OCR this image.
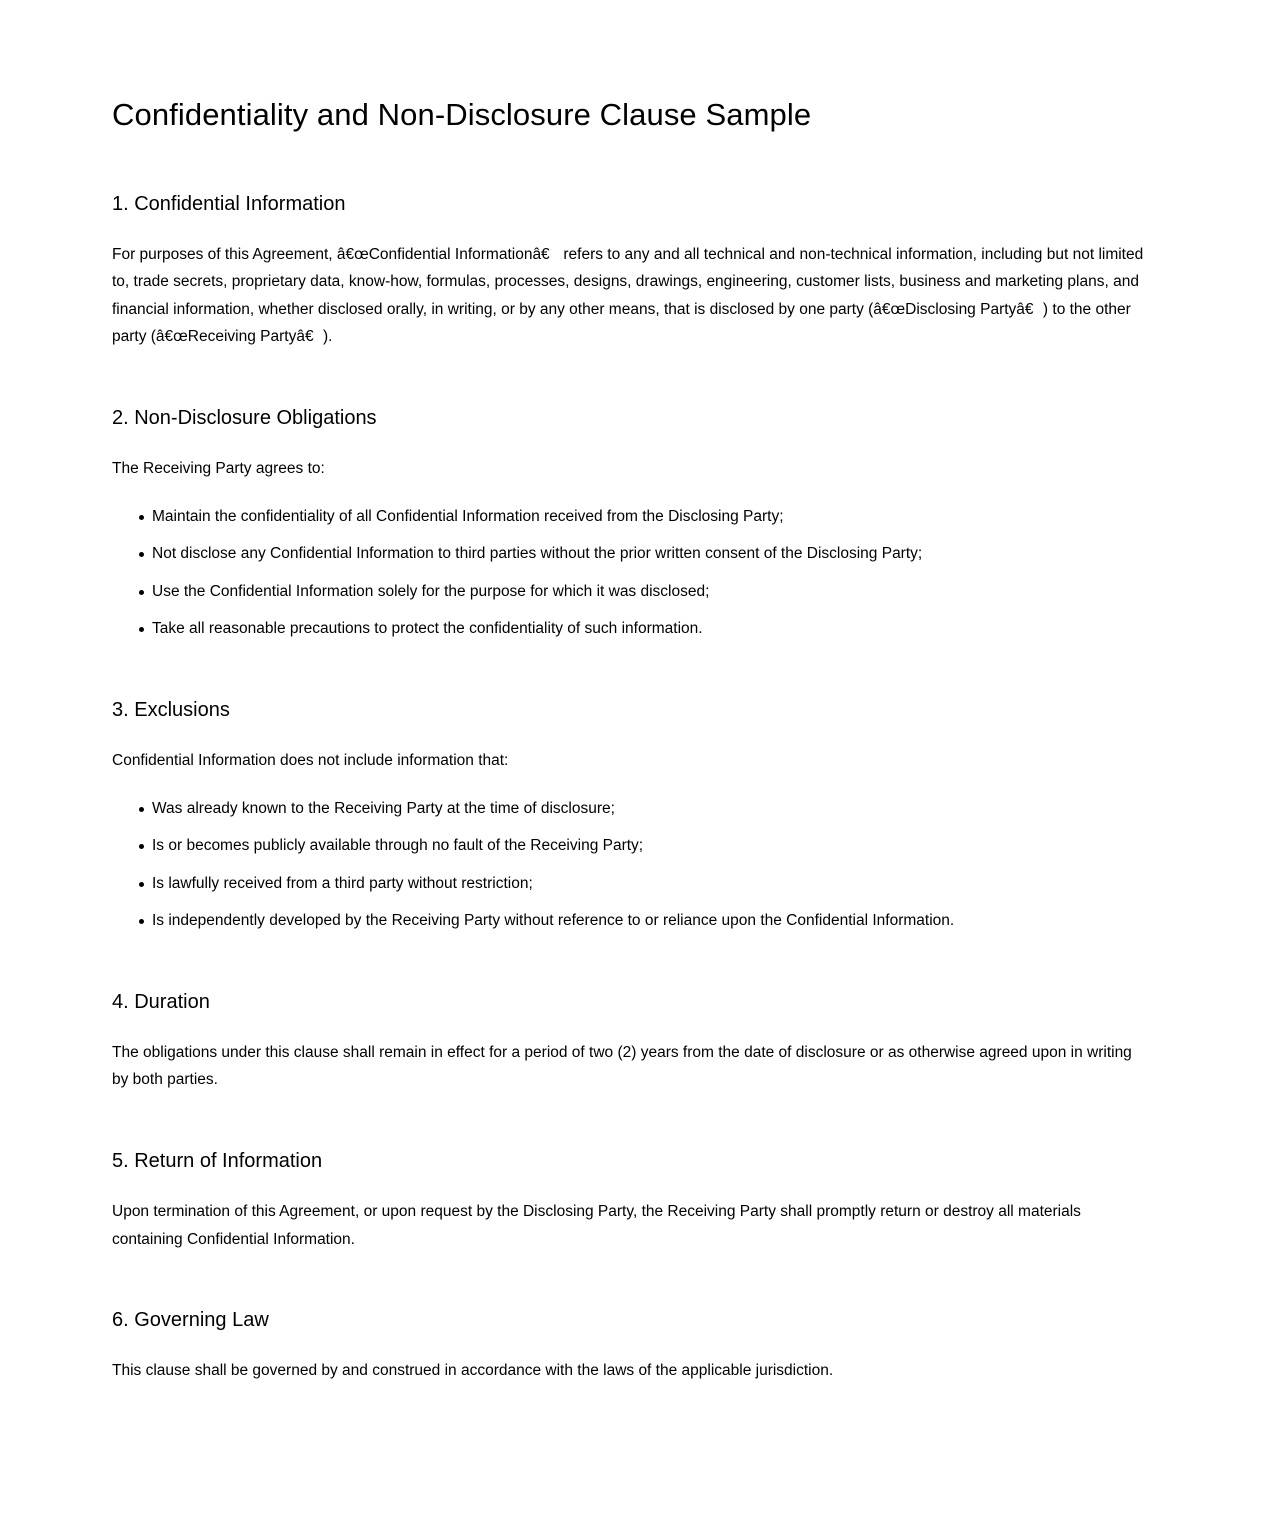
Confidentiality and Non-Disclosure Clause Sample
1. Confidential Information

For purposes of this Agreement, â€œConfidential Informationâ€ refers to any and all technical and non-technical information, including but not limited to, trade secrets, proprietary data, know-how, formulas, processes, designs, drawings, engineering, customer lists, business and marketing plans, and financial information, whether disclosed orally, in writing, or by any other means, that is disclosed by one party (â€œDisclosing Partyâ€) to the other party (â€œReceiving Partyâ€).

2. Non-Disclosure Obligations

The Receiving Party agrees to:

Maintain the confidentiality of all Confidential Information received from the Disclosing Party;
Not disclose any Confidential Information to third parties without the prior written consent of the Disclosing Party;
Use the Confidential Information solely for the purpose for which it was disclosed;
Take all reasonable precautions to protect the confidentiality of such information.
3. Exclusions

Confidential Information does not include information that:

Was already known to the Receiving Party at the time of disclosure;
Is or becomes publicly available through no fault of the Receiving Party;
Is lawfully received from a third party without restriction;
Is independently developed by the Receiving Party without reference to or reliance upon the Confidential Information.
4. Duration

The obligations under this clause shall remain in effect for a period of two (2) years from the date of disclosure or as otherwise agreed upon in writing by both parties.

5. Return of Information

Upon termination of this Agreement, or upon request by the Disclosing Party, the Receiving Party shall promptly return or destroy all materials containing Confidential Information.

6. Governing Law

This clause shall be governed by and construed in accordance with the laws of the applicable jurisdiction.
